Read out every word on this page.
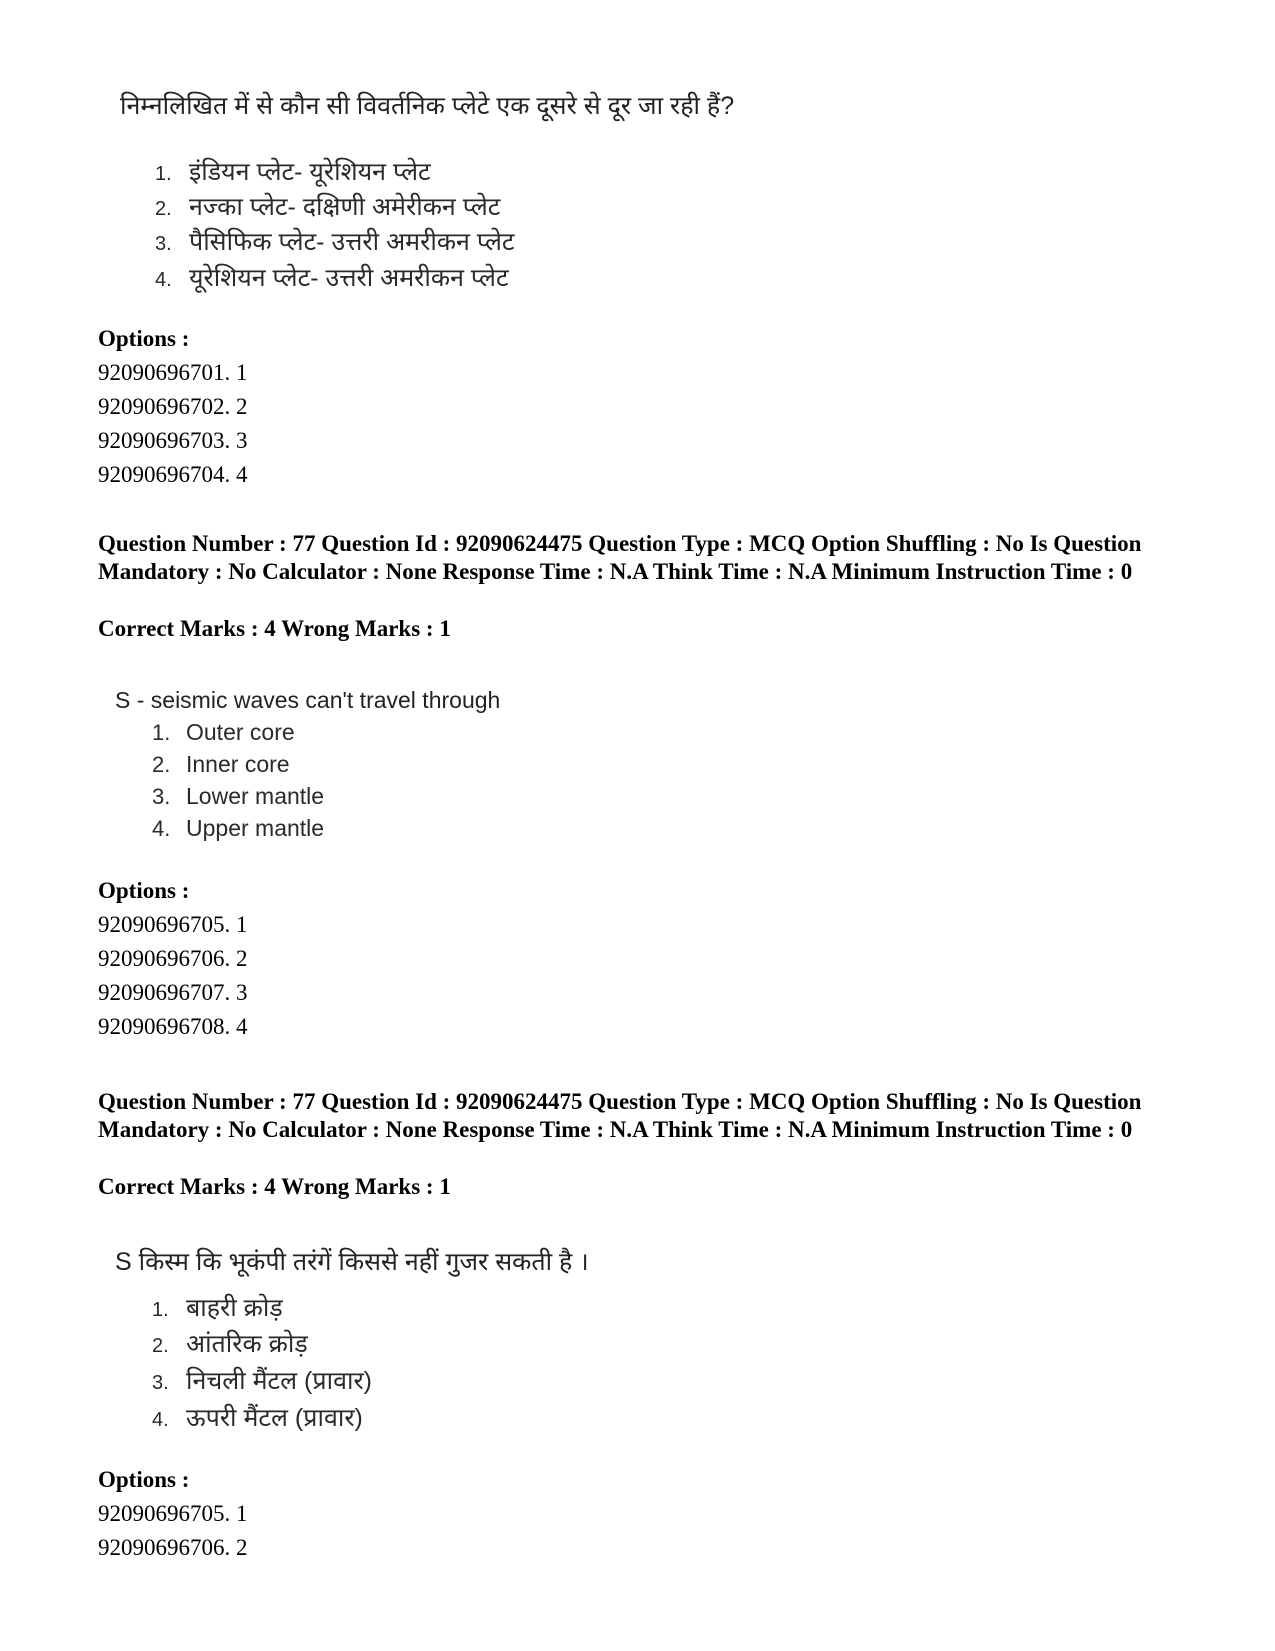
निम्नलिखित में से कौन सी विवर्तनिक प्लेटे एक दूसरे से दूर जा रही हैं?
1. इंडियन प्लेट- यूरेशियन प्लेट
2. नज्का प्लेट- दक्षिणी अमेरीकन प्लेट
3. पैसिफिक प्लेट- उत्तरी अमरीकन प्लेट
4. यूरेशियन प्लेट- उत्तरी अमरीकन प्लेट
Options :
92090696701. 1
92090696702. 2
92090696703. 3
92090696704. 4
Question Number : 77 Question Id : 92090624475 Question Type : MCQ Option Shuffling : No Is Question Mandatory : No Calculator : None Response Time : N.A Think Time : N.A Minimum Instruction Time : 0
Correct Marks : 4 Wrong Marks : 1
S - seismic waves can't travel through
1. Outer core
2. Inner core
3. Lower mantle
4. Upper mantle
Options :
92090696705. 1
92090696706. 2
92090696707. 3
92090696708. 4
Question Number : 77 Question Id : 92090624475 Question Type : MCQ Option Shuffling : No Is Question Mandatory : No Calculator : None Response Time : N.A Think Time : N.A Minimum Instruction Time : 0
Correct Marks : 4 Wrong Marks : 1
S किस्म कि भूकंपी तरंगें किससे नहीं गुजर सकती है ।
1. बाहरी क्रोड़
2. आंतरिक क्रोड़
3. निचली मैंटल (प्रावार)
4. ऊपरी मैंटल (प्रावार)
Options :
92090696705. 1
92090696706. 2
